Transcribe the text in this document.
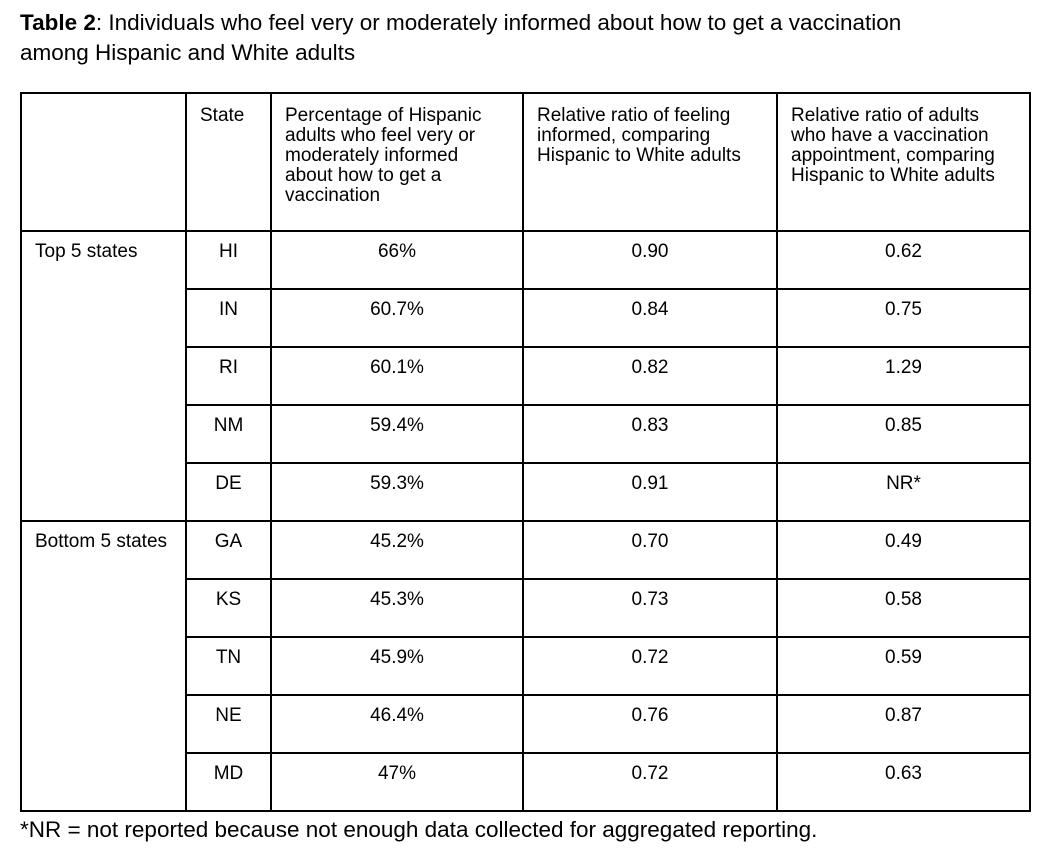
Table 2: Individuals who feel very or moderately informed about how to get a vaccination among Hispanic and White adults

	State	Percentage of Hispanic adults who feel very or moderately informed about how to get a vaccination	Relative ratio of feeling informed, comparing Hispanic to White adults	Relative ratio of adults who have a vaccination appointment, comparing Hispanic to White adults
Top 5 states	HI	66%	0.90	0.62
	IN	60.7%	0.84	0.75
	RI	60.1%	0.82	1.29
	NM	59.4%	0.83	0.85
	DE	59.3%	0.91	NR*
Bottom 5 states	GA	45.2%	0.70	0.49
	KS	45.3%	0.73	0.58
	TN	45.9%	0.72	0.59
	NE	46.4%	0.76	0.87
	MD	47%	0.72	0.63

*NR = not reported because not enough data collected for aggregated reporting.
